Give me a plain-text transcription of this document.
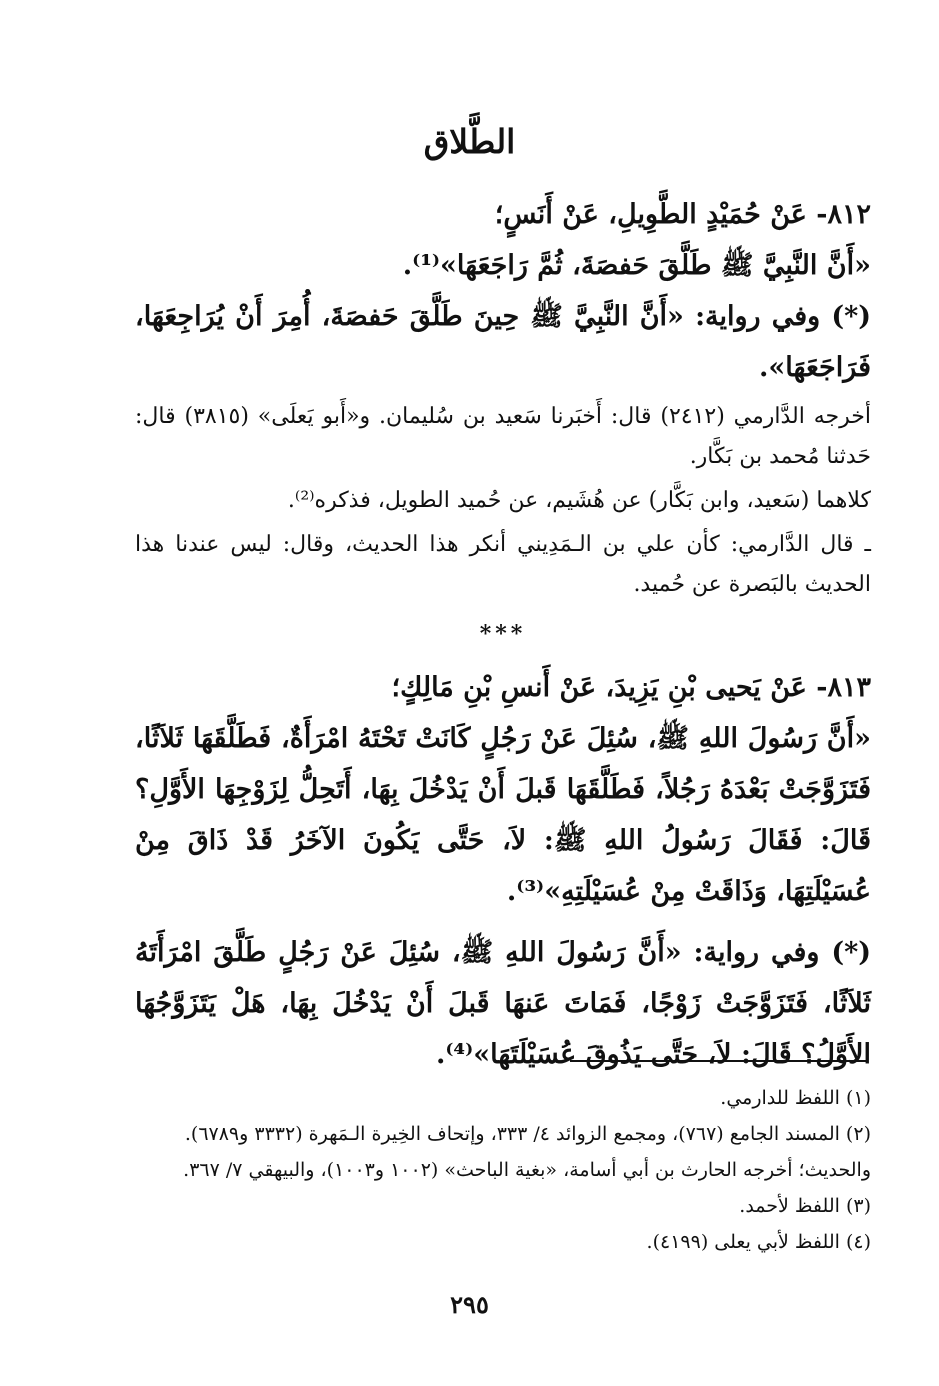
الطَّلاق

٨١٢- عَنْ حُمَيْدٍ الطَّوِيلِ، عَنْ أَنَسٍ؛

«أَنَّ النَّبِيَّ ﷺ طَلَّقَ حَفصَةَ، ثُمَّ رَاجَعَهَا»⁽¹⁾.

(*) وفي رواية: «أَنَّ النَّبِيَّ ﷺ حِينَ طَلَّقَ حَفصَةَ، أُمِرَ أَنْ يُرَاجِعَهَا، فَرَاجَعَهَا».

أخرجه الدَّارمي (٢٤١٢) قال: أَخبَرنا سَعيد بن سُليمان. و«أَبو يَعلَى» (٣٨١٥) قال: حَدثنا مُحمد بن بَكَّار.

كلاهما (سَعيد، وابن بَكَّار) عن هُشَيم، عن حُميد الطويل، فذكره⁽²⁾.

ـ قال الدَّارمي: كأن علي بن الـمَدِيني أنكر هذا الحديث، وقال: ليس عندنا هذا الحديث بالبَصرة عن حُميد.

***

٨١٣- عَنْ يَحيى بْنِ يَزِيدَ، عَنْ أَنسِ بْنِ مَالِكٍ؛

«أَنَّ رَسُولَ اللهِ ﷺ، سُئِلَ عَنْ رَجُلٍ كَانَتْ تَحْتَهُ امْرَأَةٌ، فَطَلَّقَهَا ثَلاَثًا، فَتَزَوَّجَتْ بَعْدَهُ رَجُلاً، فَطَلَّقَهَا قَبلَ أَنْ يَدْخُلَ بِهَا، أَتَحِلُّ لِزَوْجِهَا الأَوَّلِ؟ قَالَ: فَقَالَ رَسُولُ اللهِ ﷺ: لاَ، حَتَّى يَكُونَ الآخَرُ قَدْ ذَاقَ مِنْ عُسَيْلَتِهَا، وَذَاقَتْ مِنْ عُسَيْلَتِهِ»⁽³⁾.

(*) وفي رواية: «أَنَّ رَسُولَ اللهِ ﷺ، سُئِلَ عَنْ رَجُلٍ طَلَّقَ امْرَأَتَهُ ثَلاَثًا، فَتَزَوَّجَتْ زَوْجًا، فَمَاتَ عَنهَا قَبلَ أَنْ يَدْخُلَ بِهَا، هَلْ يَتَزَوَّجُهَا الأَوَّلُ؟ قَالَ: لاَ، حَتَّى يَذُوقَ عُسَيْلَتَهَا»⁽⁴⁾.

(١) اللفظ للدارمي.

(٢) المسند الجامع (٧٦٧)، ومجمع الزوائد ٤/ ٣٣٣، وإتحاف الخِيرة الـمَهرة (٣٣٣٢ و٦٧٨٩).

والحديث؛ أخرجه الحارث بن أبي أسامة، «بغية الباحث» (١٠٠٢ و١٠٠٣)، والبيهقي ٧/ ٣٦٧.

(٣) اللفظ لأحمد.

(٤) اللفظ لأبي يعلى (٤١٩٩).

٢٩٥
